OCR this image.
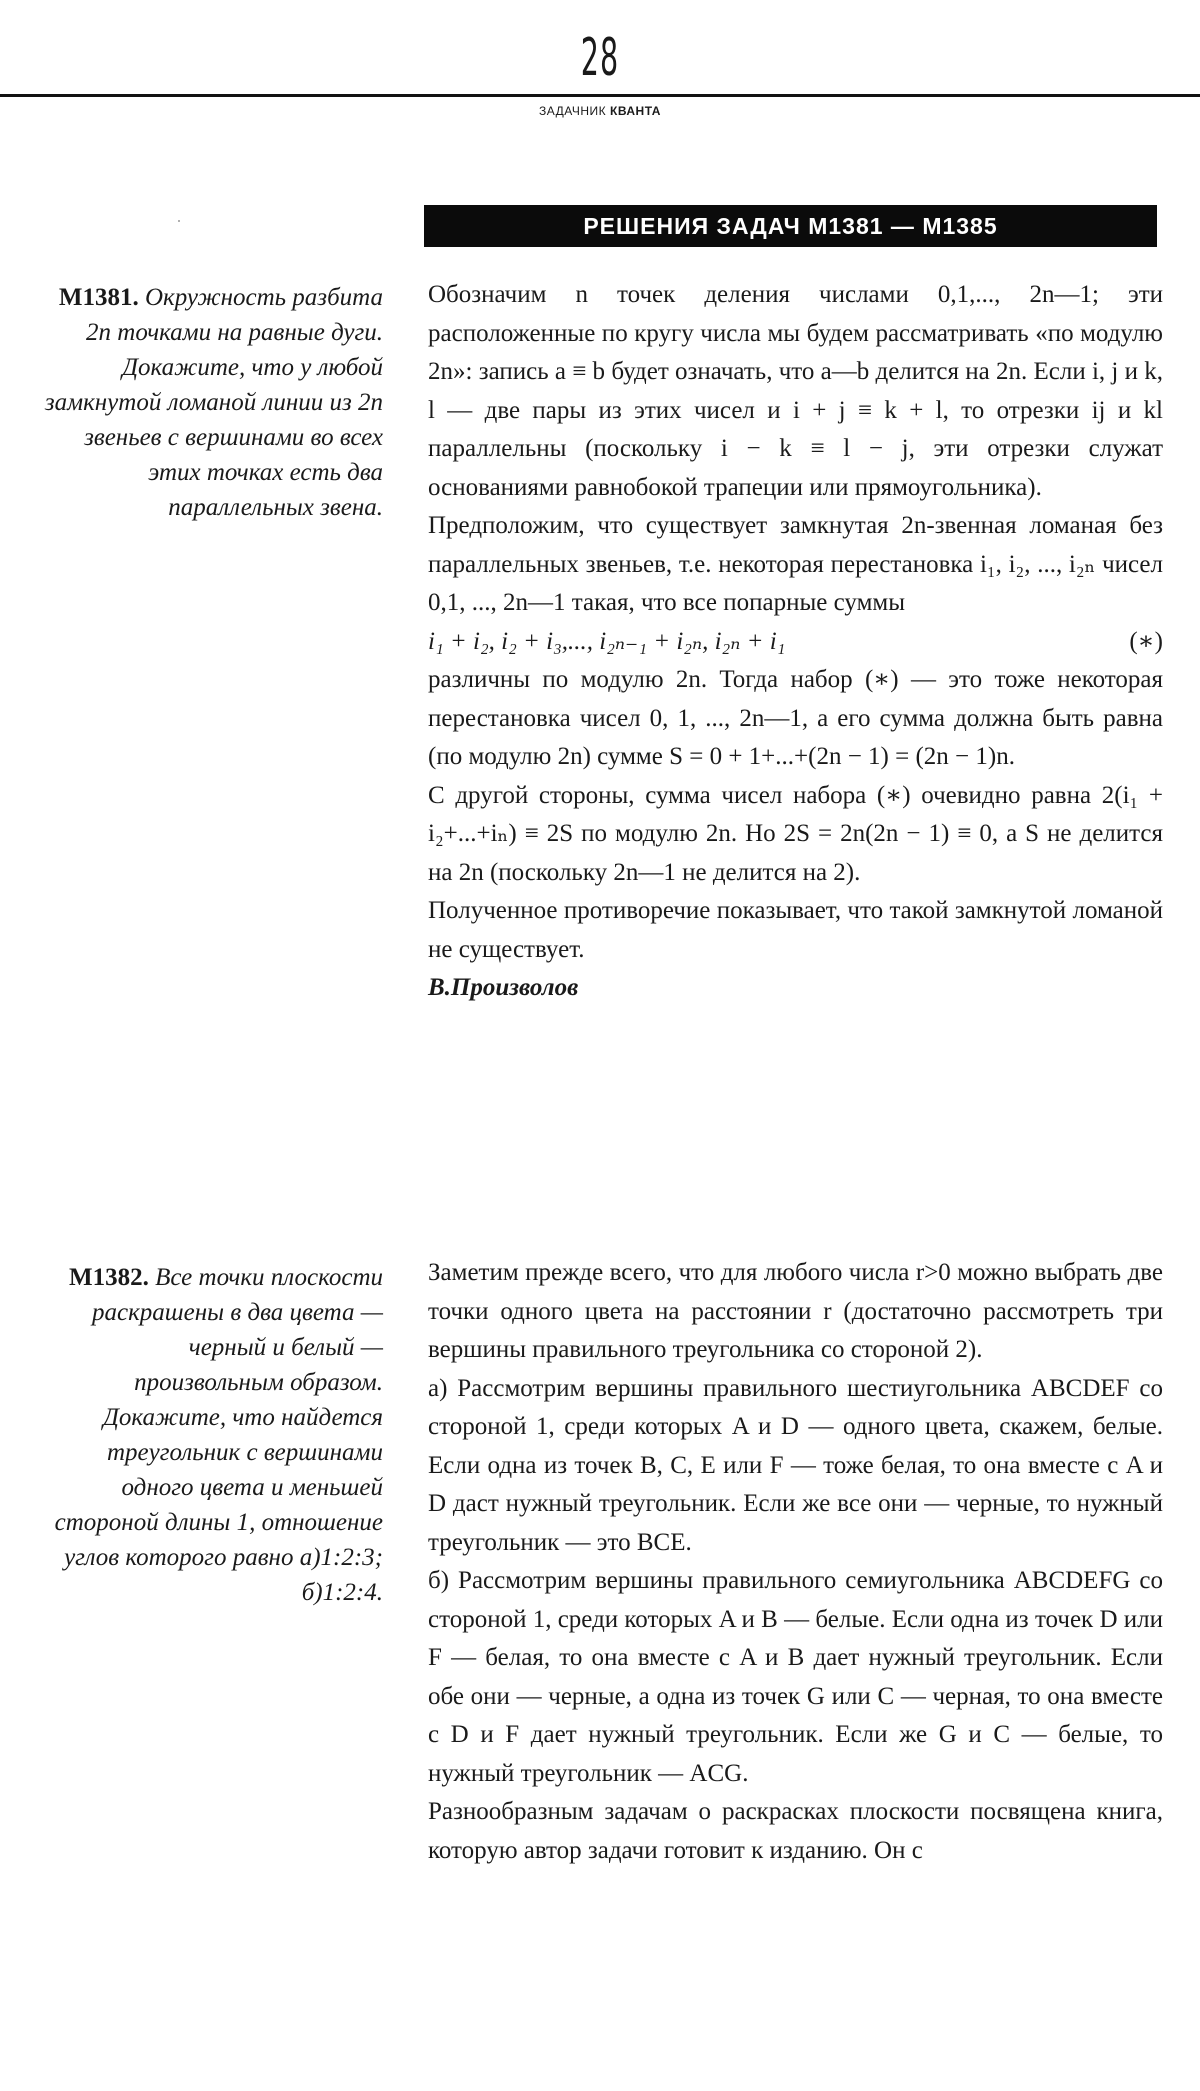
28
ЗАДАЧНИК КВАНТА
РЕШЕНИЯ ЗАДАЧ М1381 — М1385
М1381. Окружность разбита 2n точками на равные дуги. Докажите, что у любой замкнутой ломаной линии из 2n звеньев с вершинами во всех этих точках есть два параллельных звена.

Обозначим n точек деления числами 0,1,..., 2n—1; эти расположенные по кругу числа мы будем рассматривать «по модулю 2n»: запись a ≡ b будет означать, что a—b делится на 2n. Если i, j и k, l — две пары из этих чисел и i + j ≡ k + l, то отрезки ij и kl параллельны (поскольку i − k ≡ l − j, эти отрезки служат основаниями равнобокой трапеции или прямоугольника).

Предположим, что существует замкнутая 2n-звенная ломаная без параллельных звеньев, т.е. некоторая перестановка i₁, i₂, ..., i₂ₙ чисел 0,1, ..., 2n—1 такая, что все попарные суммы

i₁ + i₂, i₂ + i₃,..., i₂ₙ₋₁ + i₂ₙ, i₂ₙ + i₁	(∗)

различны по модулю 2n. Тогда набор (∗) — это тоже некоторая перестановка чисел 0, 1, ..., 2n—1, а его сумма должна быть равна (по модулю 2n) сумме S = 0 + 1+...+(2n − 1) = (2n − 1)n.

С другой стороны, сумма чисел набора (∗) очевидно равна 2(i₁ + i₂+...+iₙ) ≡ 2S по модулю 2n. Но 2S = 2n(2n − 1) ≡ 0, а S не делится на 2n (поскольку 2n—1 не делится на 2).

Полученное противоречие показывает, что такой замкнутой ломаной не существует.

В.Произволов

М1382. Все точки плоскости раскрашены в два цвета — черный и белый — произвольным образом. Докажите, что найдется треугольник с вершинами одного цвета и меньшей стороной длины 1, отношение углов которого равно а)1:2:3; б)1:2:4.

Заметим прежде всего, что для любого числа r>0 можно выбрать две точки одного цвета на расстоянии r (достаточно рассмотреть три вершины правильного треугольника со стороной 2).

а) Рассмотрим вершины правильного шестиугольника ABCDEF со стороной 1, среди которых A и D — одного цвета, скажем, белые. Если одна из точек B, C, E или F — тоже белая, то она вместе с A и D даст нужный треугольник. Если же все они — черные, то нужный треугольник — это BCE.

б) Рассмотрим вершины правильного семиугольника ABCDEFG со стороной 1, среди которых A и B — белые. Если одна из точек D или F — белая, то она вместе с A и B дает нужный треугольник. Если обе они — черные, а одна из точек G или C — черная, то она вместе с D и F дает нужный треугольник. Если же G и C — белые, то нужный треугольник — ACG.

Разнообразным задачам о раскрасках плоскости посвящена книга, которую автор задачи готовит к изданию. Он с
